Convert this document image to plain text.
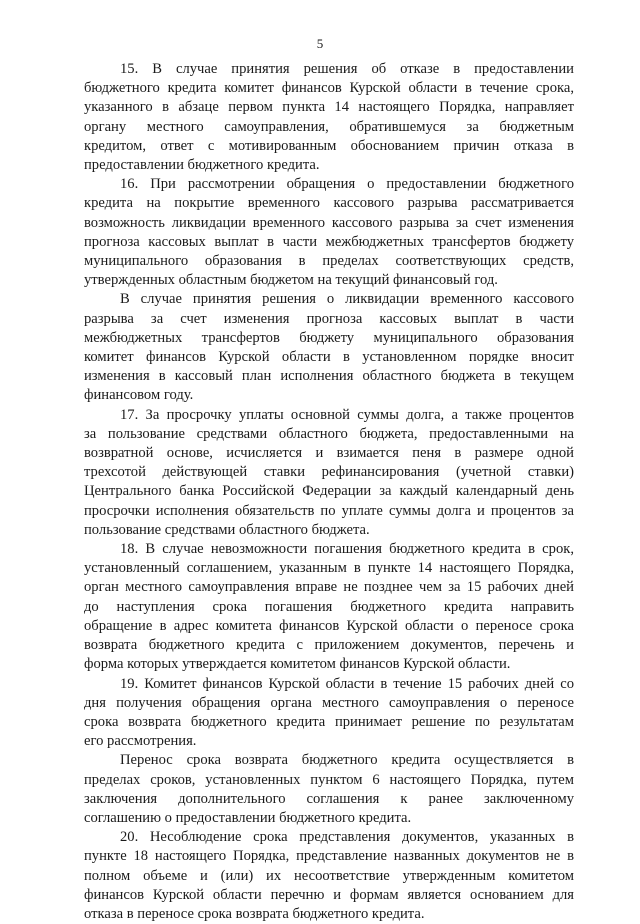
5

15. В случае принятия решения об отказе в предоставлении
бюджетного кредита комитет финансов Курской области в течение срока,
указанного в абзаце первом пункта 14 настоящего Порядка, направляет
органу местного самоуправления, обратившемуся за бюджетным
кредитом, ответ с мотивированным обоснованием причин отказа в
предоставлении бюджетного кредита.

16. При рассмотрении обращения о предоставлении бюджетного
кредита на покрытие временного кассового разрыва рассматривается
возможность ликвидации временного кассового разрыва за счет изменения
прогноза кассовых выплат в части межбюджетных трансфертов бюджету
муниципального образования в пределах соответствующих средств,
утвержденных областным бюджетом на текущий финансовый год.

В случае принятия решения о ликвидации временного кассового
разрыва за счет изменения прогноза кассовых выплат в части
межбюджетных трансфертов бюджету муниципального образования
комитет финансов Курской области в установленном порядке вносит
изменения в кассовый план исполнения областного бюджета в текущем
финансовом году.

17. За просрочку уплаты основной суммы долга, а также процентов
за пользование средствами областного бюджета, предоставленными на
возвратной основе, исчисляется и взимается пеня в размере одной
трехсотой действующей ставки рефинансирования (учетной ставки)
Центрального банка Российской Федерации за каждый календарный день
просрочки исполнения обязательств по уплате суммы долга и процентов за
пользование средствами областного бюджета.

18. В случае невозможности погашения бюджетного кредита в срок,
установленный соглашением, указанным в пункте 14 настоящего Порядка,
орган местного самоуправления вправе не позднее чем за 15 рабочих дней
до наступления срока погашения бюджетного кредита направить
обращение в адрес комитета финансов Курской области о переносе срока
возврата бюджетного кредита с приложением документов, перечень и
форма которых утверждается комитетом финансов Курской области.

19. Комитет финансов Курской области в течение 15 рабочих дней со
дня получения обращения органа местного самоуправления о переносе
срока возврата бюджетного кредита принимает решение по результатам
его рассмотрения.

Перенос срока возврата бюджетного кредита осуществляется в
пределах сроков, установленных пунктом 6 настоящего Порядка, путем
заключения дополнительного соглашения к ранее заключенному
соглашению о предоставлении бюджетного кредита.

20. Несоблюдение срока представления документов, указанных в
пункте 18 настоящего Порядка, представление названных документов не в
полном объеме и (или) их несоответствие утвержденным комитетом
финансов Курской области перечню и формам является основанием для
отказа в переносе срока возврата бюджетного кредита.
